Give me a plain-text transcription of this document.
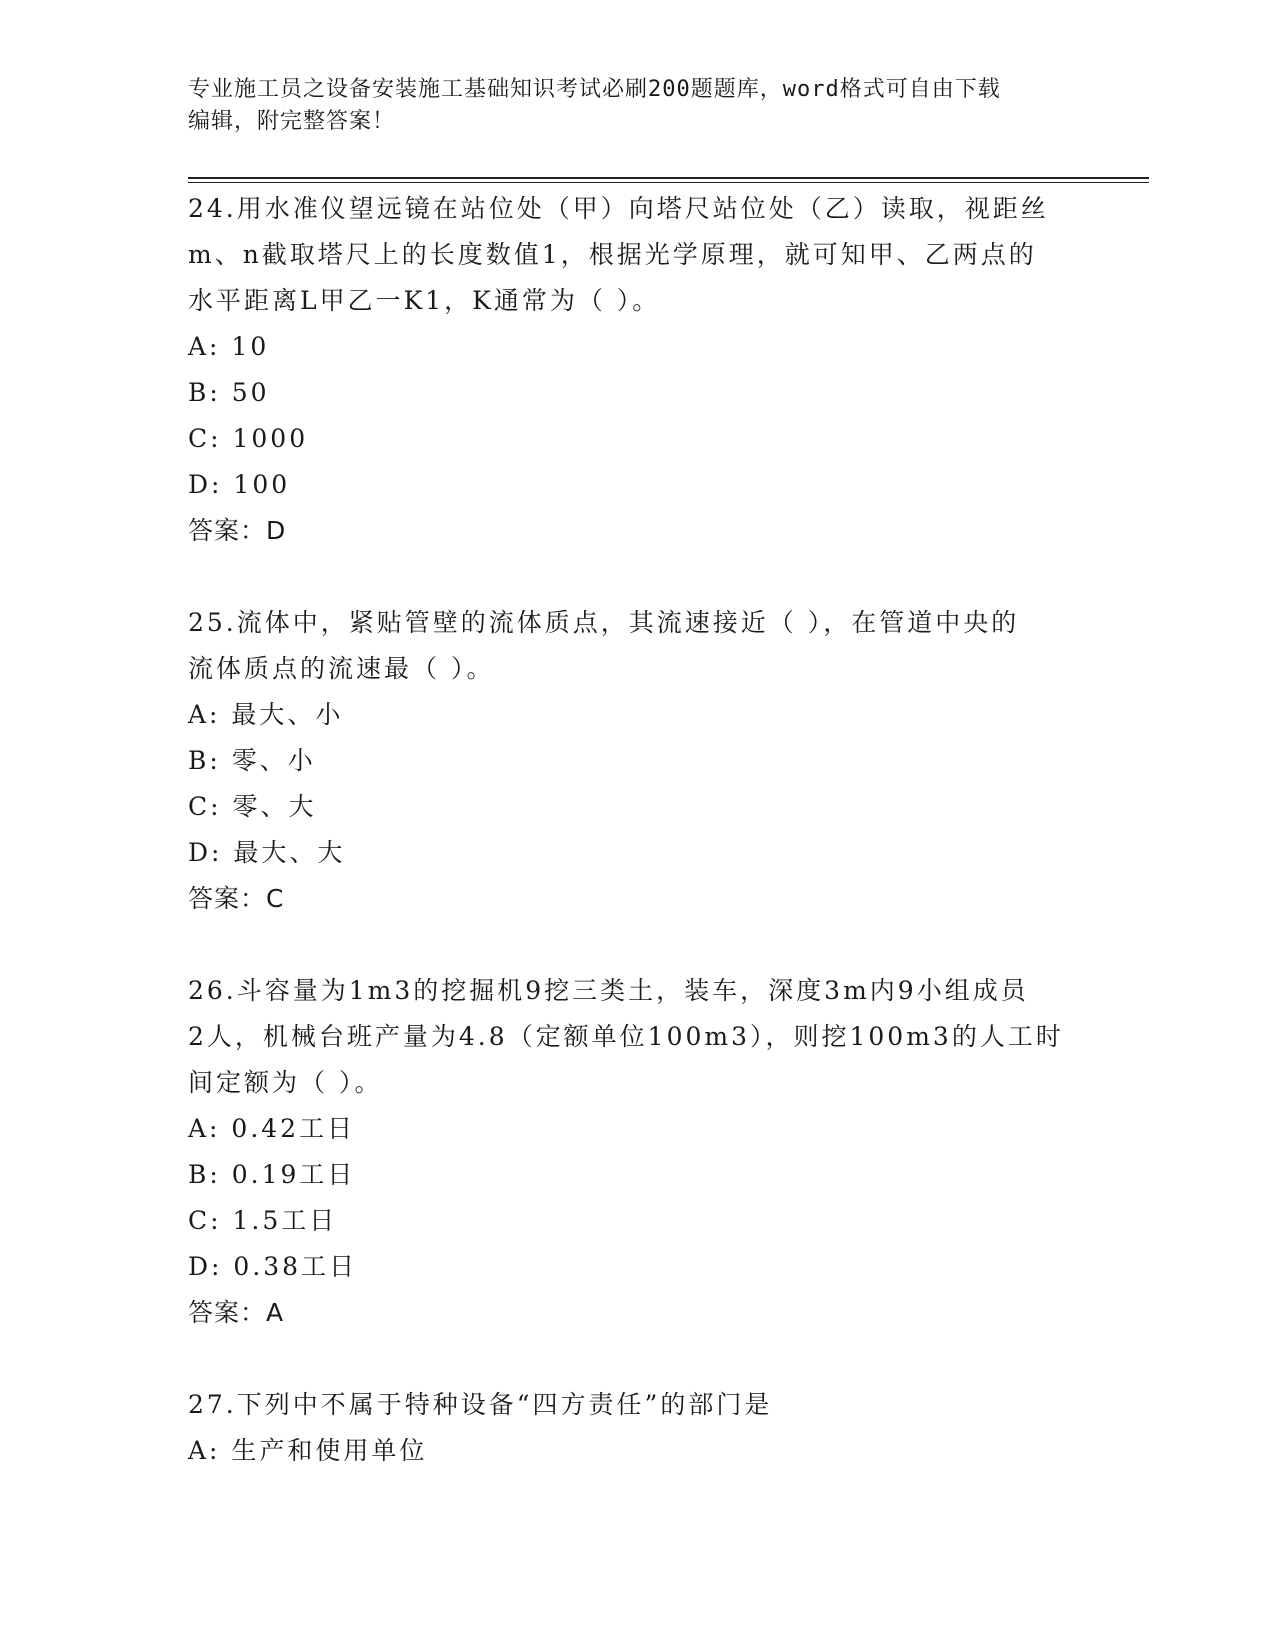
专业施工员之设备安装施工基础知识考试必刷200题题库，word格式可自由下载
编辑，附完整答案！

24.用水准仪望远镜在站位处（甲）向塔尺站位处（乙）读取，视距丝

m、n截取塔尺上的长度数值1，根据光学原理，就可知甲、乙两点的

水平距离L甲乙一K1，K通常为（ ）。

A: 10

B: 50

C: 1000

D: 100

答案：D

25.流体中，紧贴管壁的流体质点，其流速接近（ ），在管道中央的

流体质点的流速最（ ）。

A: 最大、小

B: 零、小

C: 零、大

D: 最大、大

答案：C

26.斗容量为1m3的挖掘机9挖三类土，装车，深度3m内9小组成员

2人，机械台班产量为4.8（定额单位100m3），则挖100m3的人工时

间定额为（ ）。

A: 0.42工日

B: 0.19工日

C: 1.5工日

D: 0.38工日

答案：A

27.下列中不属于特种设备“四方责任”的部门是

A: 生产和使用单位
